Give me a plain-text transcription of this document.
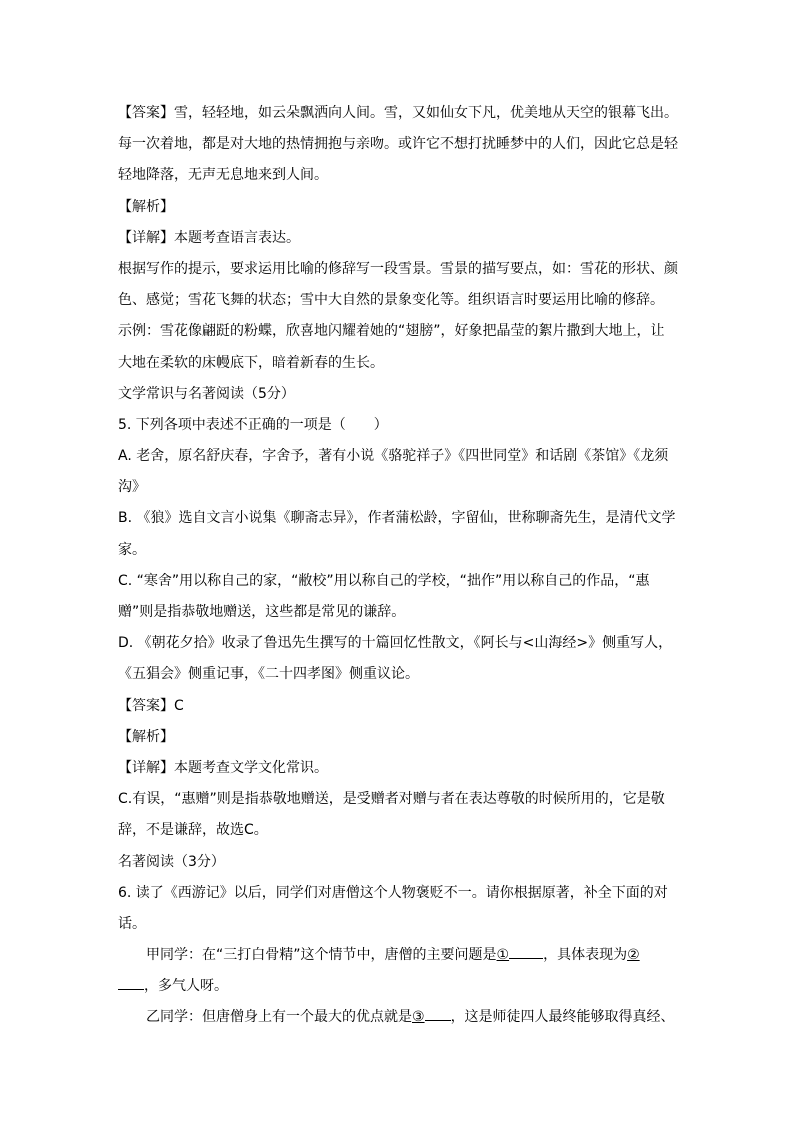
【答案】雪，轻轻地，如云朵飘洒向人间。雪，又如仙女下凡，优美地从天空的银幕飞出。
每一次着地，都是对大地的热情拥抱与亲吻。或许它不想打扰睡梦中的人们，因此它总是轻
轻地降落，无声无息地来到人间。
【解析】
【详解】本题考查语言表达。
根据写作的提示，要求运用比喻的修辞写一段雪景。雪景的描写要点，如：雪花的形状、颜
色、感觉；雪花飞舞的状态；雪中大自然的景象变化等。组织语言时要运用比喻的修辞。
示例：雪花像翩跹的粉蝶，欣喜地闪耀着她的“翅膀”，好象把晶莹的絮片撒到大地上，让
大地在柔软的床幔底下，暗着新春的生长。
文学常识与名著阅读（5分）
5. 下列各项中表述不正确的一项是（　　）
A. 老舍，原名舒庆春，字舍予，著有小说《骆驼祥子》《四世同堂》和话剧《茶馆》《龙须
沟》
B. 《狼》选自文言小说集《聊斋志异》，作者蒲松龄，字留仙，世称聊斋先生，是清代文学
家。
C. “寒舍”用以称自己的家，“敝校”用以称自己的学校，“拙作”用以称自己的作品，“惠
赠”则是指恭敬地赠送，这些都是常见的谦辞。
D. 《朝花夕拾》收录了鲁迅先生撰写的十篇回忆性散文，《阿长与<山海经>》侧重写人，
《五猖会》侧重记事，《二十四孝图》侧重议论。
【答案】C
【解析】
【详解】本题考查文学文化常识。
C.有误，“惠赠”则是指恭敬地赠送，是受赠者对赠与者在表达尊敬的时候所用的，它是敬
辞，不是谦辞，故选C。
名著阅读（3分）
6. 读了《西游记》以后，同学们对唐僧这个人物褒贬不一。请你根据原著，补全下面的对
话。
甲同学：在“三打白骨精”这个情节中，唐僧的主要问题是① ，具体表现为②
，多气人呀。
乙同学：但唐僧身上有一个最大的优点就是③ ，这是师徒四人最终能够取得真经、
